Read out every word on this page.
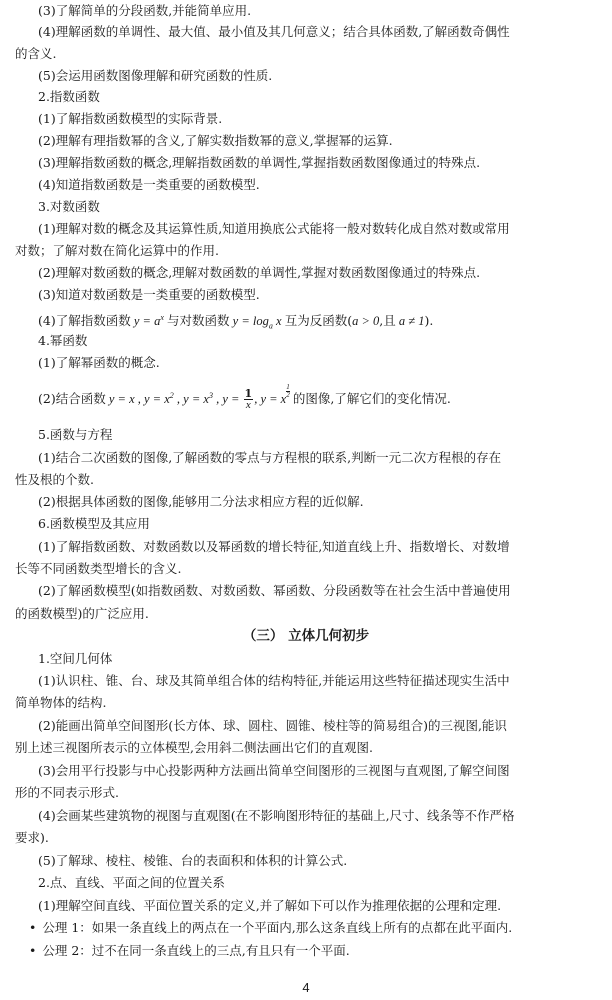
(3)了解简单的分段函数,并能简单应用.
(4)理解函数的单调性、最大值、最小值及其几何意义；结合具体函数,了解函数奇偶性
的含义.
(5)会运用函数图像理解和研究函数的性质.
2.指数函数
(1)了解指数函数模型的实际背景.
(2)理解有理指数幂的含义,了解实数指数幂的意义,掌握幂的运算.
(3)理解指数函数的概念,理解指数函数的单调性,掌握指数函数图像通过的特殊点.
(4)知道指数函数是一类重要的函数模型.
3.对数函数
(1)理解对数的概念及其运算性质,知道用换底公式能将一般对数转化成自然对数或常用
对数；了解对数在简化运算中的作用.
(2)理解对数函数的概念,理解对数函数的单调性,掌握对数函数图像通过的特殊点.
(3)知道对数函数是一类重要的函数模型.
(4)了解指数函数 $y = a^x$ 与对数函数 $y = \log_a x$ 互为反函数(a > 0,且 a ≠ 1).
4.幂函数
(1)了解幂函数的概念.
(2)结合函数 y = x , $y = x^2$ , $y = x^3$ , $y = \frac{1}{x}$ , y = x $^{\frac{1}{2}}$ 的图像,了解它们的变化情况.
5.函数与方程
(1)结合二次函数的图像,了解函数的零点与方程根的联系,判断一元二次方程根的存在
性及根的个数.
(2)根据具体函数的图像,能够用二分法求相应方程的近似解.
6.函数模型及其应用
(1)了解指数函数、对数函数以及幂函数的增长特征,知道直线上升、指数增长、对数增
长等不同函数类型增长的含义.
(2)了解函数模型(如指数函数、对数函数、幂函数、分段函数等在社会生活中普遍使用
的函数模型)的广泛应用.
（三） 立体几何初步
1.空间几何体
(1)认识柱、锥、台、球及其简单组合体的结构特征,并能运用这些特征描述现实生活中
简单物体的结构.
(2)能画出简单空间图形(长方体、球、圆柱、圆锥、棱柱等的简易组合)的三视图,能识
别上述三视图所表示的立体模型,会用斜二侧法画出它们的直观图.
(3)会用平行投影与中心投影两种方法画出简单空间图形的三视图与直观图,了解空间图
形的不同表示形式.
(4)会画某些建筑物的视图与直观图(在不影响图形特征的基础上,尺寸、线条等不作严格
要求).
(5)了解球、棱柱、棱锥、台的表面积和体积的计算公式.
2.点、直线、平面之间的位置关系
(1)理解空间直线、平面位置关系的定义,并了解如下可以作为推理依据的公理和定理.
• 公理 1：如果一条直线上的两点在一个平面内,那么这条直线上所有的点都在此平面内.
• 公理 2：过不在同一条直线上的三点,有且只有一个平面.
4
